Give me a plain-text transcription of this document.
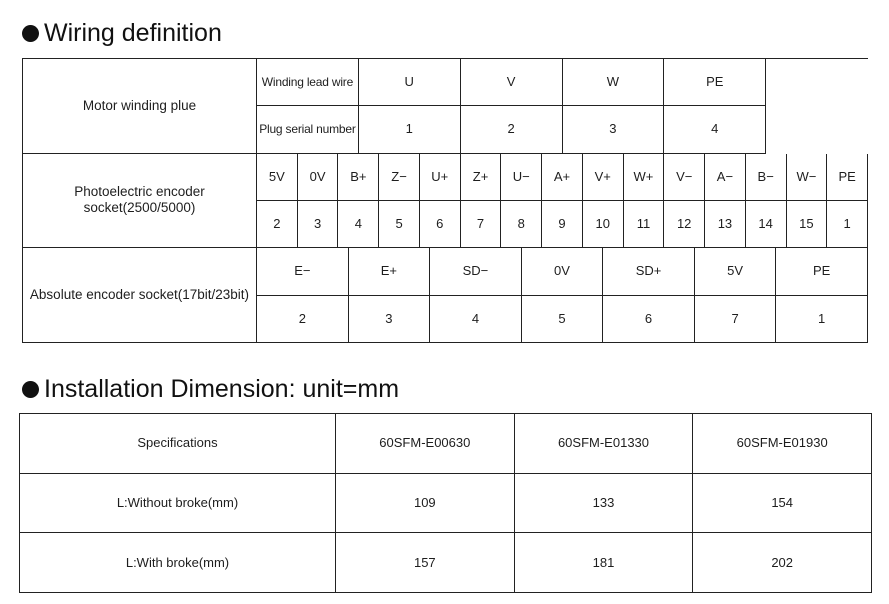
Wiring definition
Motor winding plue
Winding lead wire	U	V	W	PE
Plug serial number	1	2	3	4
Photoelectric encoder socket(2500/5000)
5V	0V	B+	Z−	U+	Z+	U−	A+	V+	W+	V−	A−	B−	W−	PE
2	3	4	5	6	7	8	9	10	11	12	13	14	15	1
Absolute encoder socket(17bit/23bit)
E−	E+	SD−	0V	SD+	5V	PE
2	3	4	5	6	7	1
Installation Dimension: unit=mm
Specifications	60SFM-E00630	60SFM-E01330	60SFM-E01930
L:Without broke(mm)	109	133	154
L:With broke(mm)	157	181	202
